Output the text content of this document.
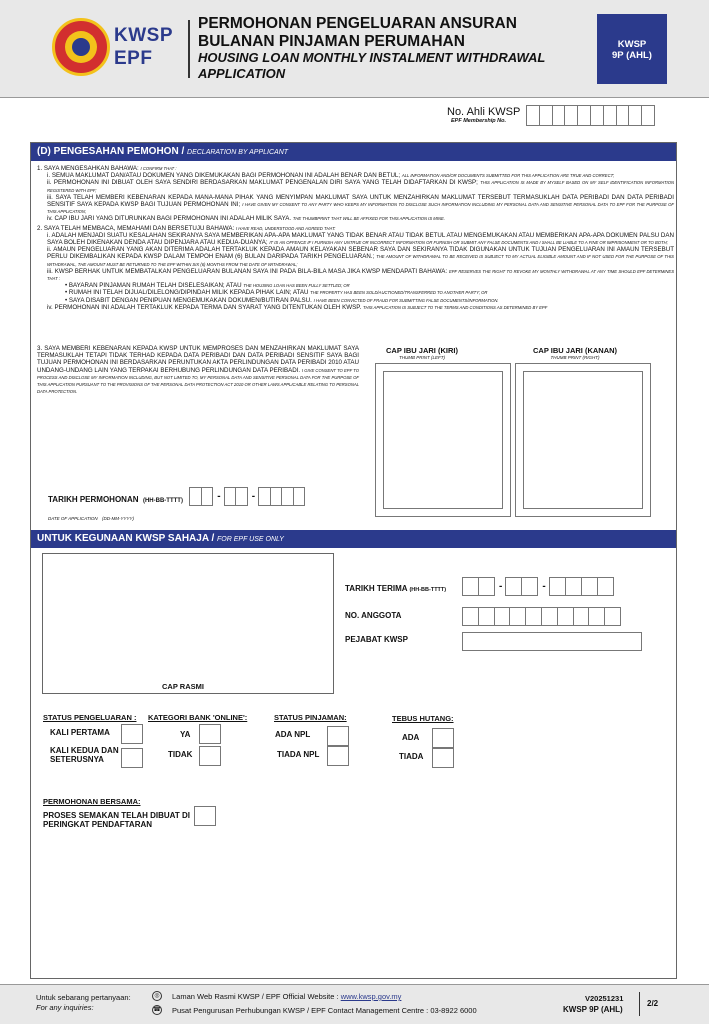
KWSP
EPF
PERMOHONAN PENGELUARAN ANSURAN
BULANAN PINJAMAN PERUMAHAN
HOUSING LOAN MONTHLY INSTALMENT WITHDRAWAL
APPLICATION
KWSP
9P (AHL)
No. Ahli KWSP
EPF Membership No.
(D) PENGESAHAN PEMOHON / DECLARATION BY APPLICANT
1. SAYA MENGESAHKAN BAHAWA: I CONFIRM THAT :
i. SEMUA MAKLUMAT DAN/ATAU DOKUMEN YANG DIKEMUKAKAN BAGI PERMOHONAN INI ADALAH BENAR DAN BETUL; ALL INFORMATION AND/OR DOCUMENTS SUBMITTED FOR THIS APPLICATION ARE TRUE AND CORRECT;
ii. PERMOHONAN INI DIBUAT OLEH SAYA SENDIRI BERDASARKAN MAKLUMAT PENGENALAN DIRI SAYA YANG TELAH DIDAFTARKAN DI KWSP; THIS APPLICATION IS MADE BY MYSELF BASED ON MY SELF IDENTIFICATION INFORMATION REGISTERED WITH EPF;
iii. SAYA TELAH MEMBERI KEBENARAN KEPADA MANA-MANA PIHAK YANG MENYIMPAN MAKLUMAT SAYA UNTUK MENZAHIRKAN MAKLUMAT TERSEBUT TERMASUKLAH DATA PERIBADI DAN DATA PERIBADI SENSITIF SAYA KEPADA KWSP BAGI TUJUAN PERMOHONAN INI; I HAVE GIVEN MY CONSENT TO ANY PARTY WHO KEEPS MY INFORMATION TO DISCLOSE SUCH INFORMATION INCLUDING MY PERSONAL DATA AND SENSITIVE PERSONAL DATA TO EPF FOR THE PURPOSE OF THIS APPLICATION;
iv. CAP IBU JARI YANG DITURUNKAN BAGI PERMOHONAN INI ADALAH MILIK SAYA. THE THUMBPRINT THAT WILL BE AFFIXED FOR THIS APPLICATION IS MINE.
2. SAYA TELAH MEMBACA, MEMAHAMI DAN BERSETUJU BAHAWA: I HAVE READ, UNDERSTOOD AND AGREED THAT:
i. ADALAH MENJADI SUATU KESALAHAN SEKIRANYA SAYA MEMBERIKAN APA-APA MAKLUMAT YANG TIDAK BENAR ATAU TIDAK BETUL ATAU MENGEMUKAKAN ATAU MEMBERIKAN APA-APA DOKUMEN PALSU DAN SAYA BOLEH DIKENAKAN DENDA ATAU DIPENJARA ATAU KEDUA-DUANYA; IT IS AN OFFENCE IF I FURNISH ANY UNTRUE OR INCORRECT INFORMATION OR FURNISH OR SUBMIT ANY FALSE DOCUMENTS AND I SHALL BE LIABLE TO A FINE OR IMPRISONMENT OR TO BOTH;
ii. AMAUN PENGELUARAN YANG AKAN DITERIMA ADALAH TERTAKLUK KEPADA AMAUN KELAYAKAN SEBENAR SAYA DAN SEKIRANYA TIDAK DIGUNAKAN UNTUK TUJUAN PENGELUARAN INI AMAUN TERSEBUT PERLU DIKEMBALIKAN KEPADA KWSP DALAM TEMPOH ENAM (6) BULAN DARIPADA TARIKH PENGELUARAN.; THE AMOUNT OF WITHDRAWAL TO BE RECEIVED IS SUBJECT TO MY ACTUAL ELIGIBLE AMOUNT AND IF NOT USED FOR THE PURPOSE OF THIS WITHDRAWAL, THE AMOUNT MUST BE RETURNED TO THE EPF WITHIN SIX (6) MONTHS FROM THE DATE OF WITHDRAWAL;
iii. KWSP BERHAK UNTUK MEMBATALKAN PENGELUARAN BULANAN SAYA INI PADA BILA-BILA MASA JIKA KWSP MENDAPATI BAHAWA: EPF RESERVES THE RIGHT TO REVOKE MY MONTHLY WITHDRAWAL AT ANY TIME SHOULD EPF DETERMINES THAT :
• BAYARAN PINJAMAN RUMAH TELAH DISELESAIKAN; ATAU THE HOUSING LOAN HAS BEEN FULLY SETTLED; OR
• RUMAH INI TELAH DIJUAL/DILELONG/DIPINDAH MILIK KEPADA PIHAK LAIN; ATAU THE PROPERTY HAS BEEN SOLD/AUCTIONED/TRANSFERRED TO ANOTHER PARTY; OR
• SAYA DISABIT DENGAN PENIPUAN MENGEMUKAKAN DOKUMEN/BUTIRAN PALSU. I HAVE BEEN CONVICTED OF FRAUD FOR SUBMITTING FALSE DOCUMENTS/INFORMATION.
iv. PERMOHONAN INI ADALAH TERTAKLUK KEPADA TERMA DAN SYARAT YANG DITENTUKAN OLEH KWSP. THIS APPLICATION IS SUBJECT TO THE TERMS AND CONDITIONS AS DETERMINED BY EPF
3. SAYA MEMBERI KEBENARAN KEPADA KWSP UNTUK MEMPROSES DAN MENZAHIRKAN MAKLUMAT SAYA TERMASUKLAH TETAPI TIDAK TERHAD KEPADA DATA PERIBADI DAN DATA PERIBADI SENSITIF SAYA BAGI TUJUAN PERMOHONAN INI BERDASARKAN PERUNTUKAN AKTA PERLINDUNGAN DATA PERIBADI 2010 ATAU UNDANG-UNDANG LAIN YANG TERPAKAI BERHUBUNG PERLINDUNGAN DATA PERIBADI. I GIVE CONSENT TO EPF TO PROCESS AND DISCLOSE MY INFORMATION INCLUDING, BUT NOT LIMITED TO, MY PERSONAL DATA AND SENSITIVE PERSONAL DATA FOR THE PURPOSE OF THIS APPLICATION PURSUANT TO THE PROVISIONS OF THE PERSONAL DATA PROTECTION ACT 2010 OR OTHER LAWS APPLICABLE RELATING TO PERSONAL DATA PROTECTION.
CAP IBU JARI (KIRI)
THUMB PRINT (LEFT)
CAP IBU JARI (KANAN)
THUMB PRINT (RIGHT)
TARIKH PERMOHONAN (HH-BB-TTTT)
DATE OF APPLICATION (DD-MM-YYYY)
-	-
UNTUK KEGUNAAN KWSP SAHAJA / FOR EPF USE ONLY
CAP RASMI
TARIKH TERIMA (HH-BB-TTTT)	-	-
NO. ANGGOTA
PEJABAT KWSP
STATUS PENGELUARAN :
KALI PERTAMA
KALI KEDUA DAN
SETERUSNYA
KATEGORI BANK 'ONLINE':
YA
TIDAK
STATUS PINJAMAN:
ADA NPL
TIADA NPL
TEBUS HUTANG:
ADA
TIADA
PERMOHONAN BERSAMA:
PROSES SEMAKAN TELAH DIBUAT DI
PERINGKAT PENDAFTARAN
Untuk sebarang pertanyaan:
For any inquiries:
◎
☎
Laman Web Rasmi KWSP / EPF Official Website : www.kwsp.gov.my
Pusat Pengurusan Perhubungan KWSP / EPF Contact Management Centre : 03-8922 6000
V20251231
KWSP 9P (AHL)
2/2
